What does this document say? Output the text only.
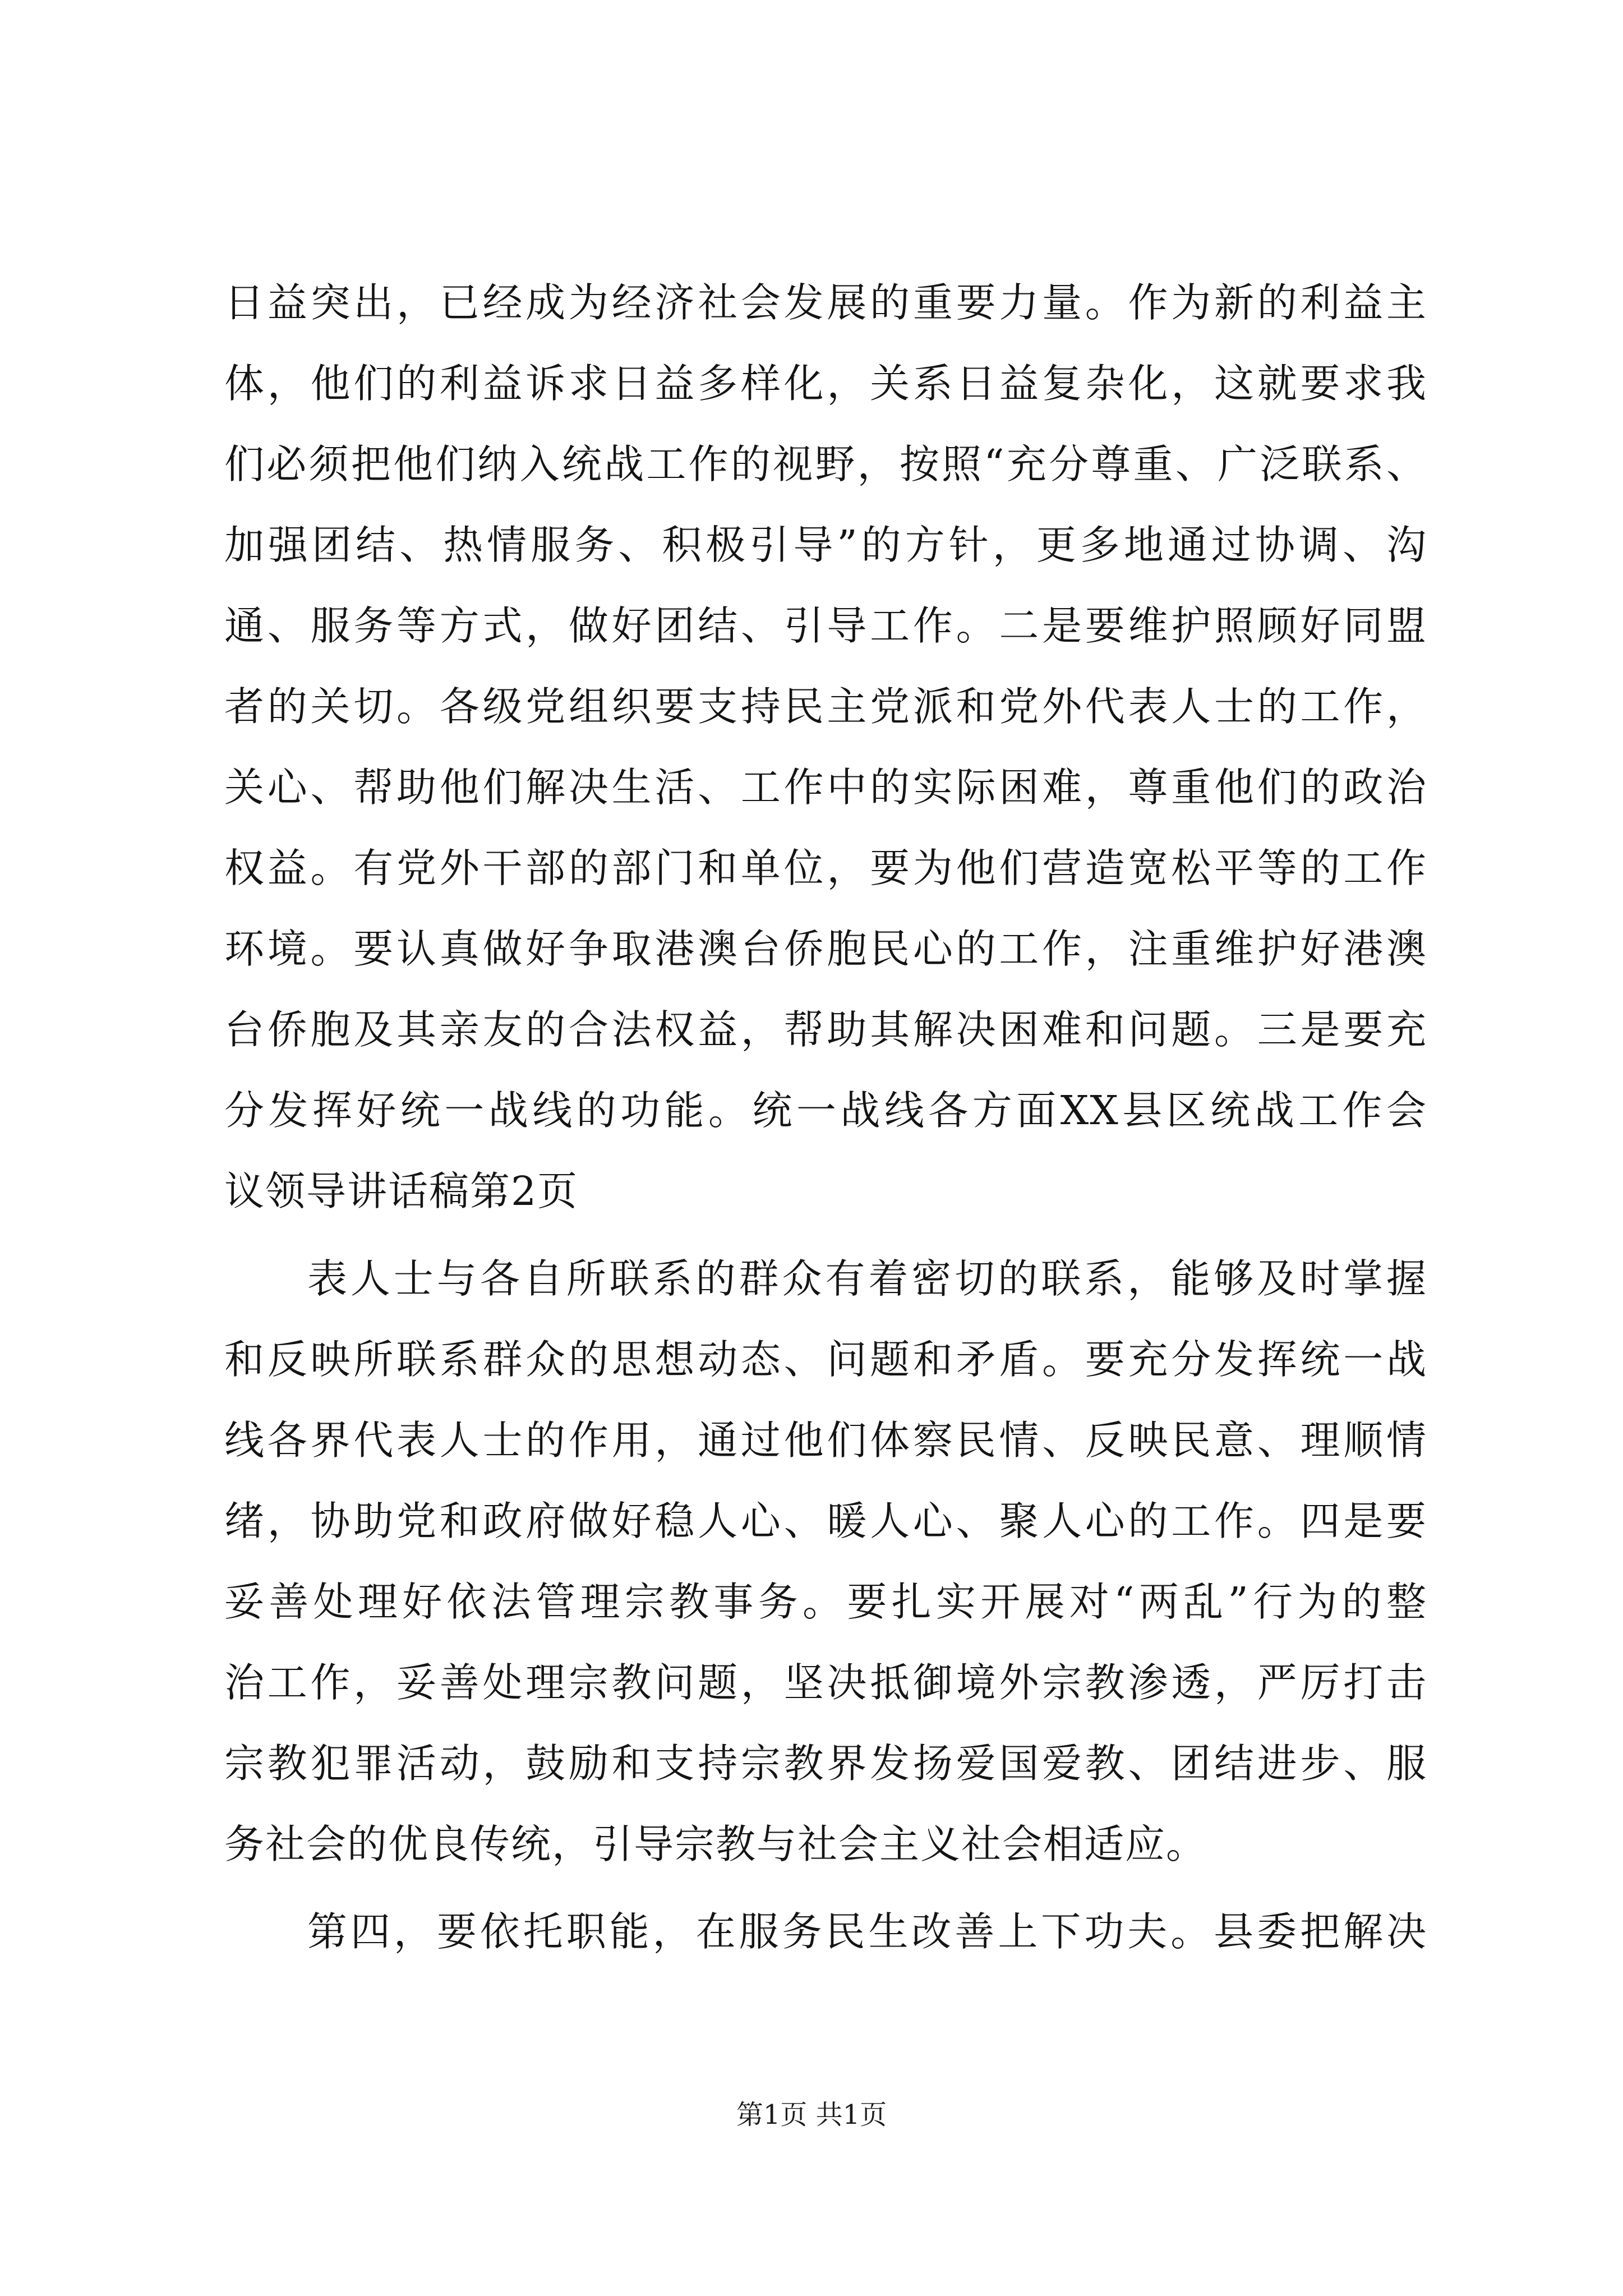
日益突出，已经成为经济社会发展的重要力量。作为新的利益主
体，他们的利益诉求日益多样化，关系日益复杂化，这就要求我
们必须把他们纳入统战工作的视野，按照“充分尊重、广泛联系、
加强团结、热情服务、积极引导”的方针，更多地通过协调、沟
通、服务等方式，做好团结、引导工作。二是要维护照顾好同盟
者的关切。各级党组织要支持民主党派和党外代表人士的工作，
关心、帮助他们解决生活、工作中的实际困难，尊重他们的政治
权益。有党外干部的部门和单位，要为他们营造宽松平等的工作
环境。要认真做好争取港澳台侨胞民心的工作，注重维护好港澳
台侨胞及其亲友的合法权益，帮助其解决困难和问题。三是要充
分发挥好统一战线的功能。统一战线各方面XX县区统战工作会
议领导讲话稿第2页
表人士与各自所联系的群众有着密切的联系，能够及时掌握
和反映所联系群众的思想动态、问题和矛盾。要充分发挥统一战
线各界代表人士的作用，通过他们体察民情、反映民意、理顺情
绪，协助党和政府做好稳人心、暖人心、聚人心的工作。四是要
妥善处理好依法管理宗教事务。要扎实开展对“两乱”行为的整
治工作，妥善处理宗教问题，坚决抵御境外宗教渗透，严厉打击
宗教犯罪活动，鼓励和支持宗教界发扬爱国爱教、团结进步、服
务社会的优良传统，引导宗教与社会主义社会相适应。
第四，要依托职能，在服务民生改善上下功夫。县委把解决
第1页 共1页
